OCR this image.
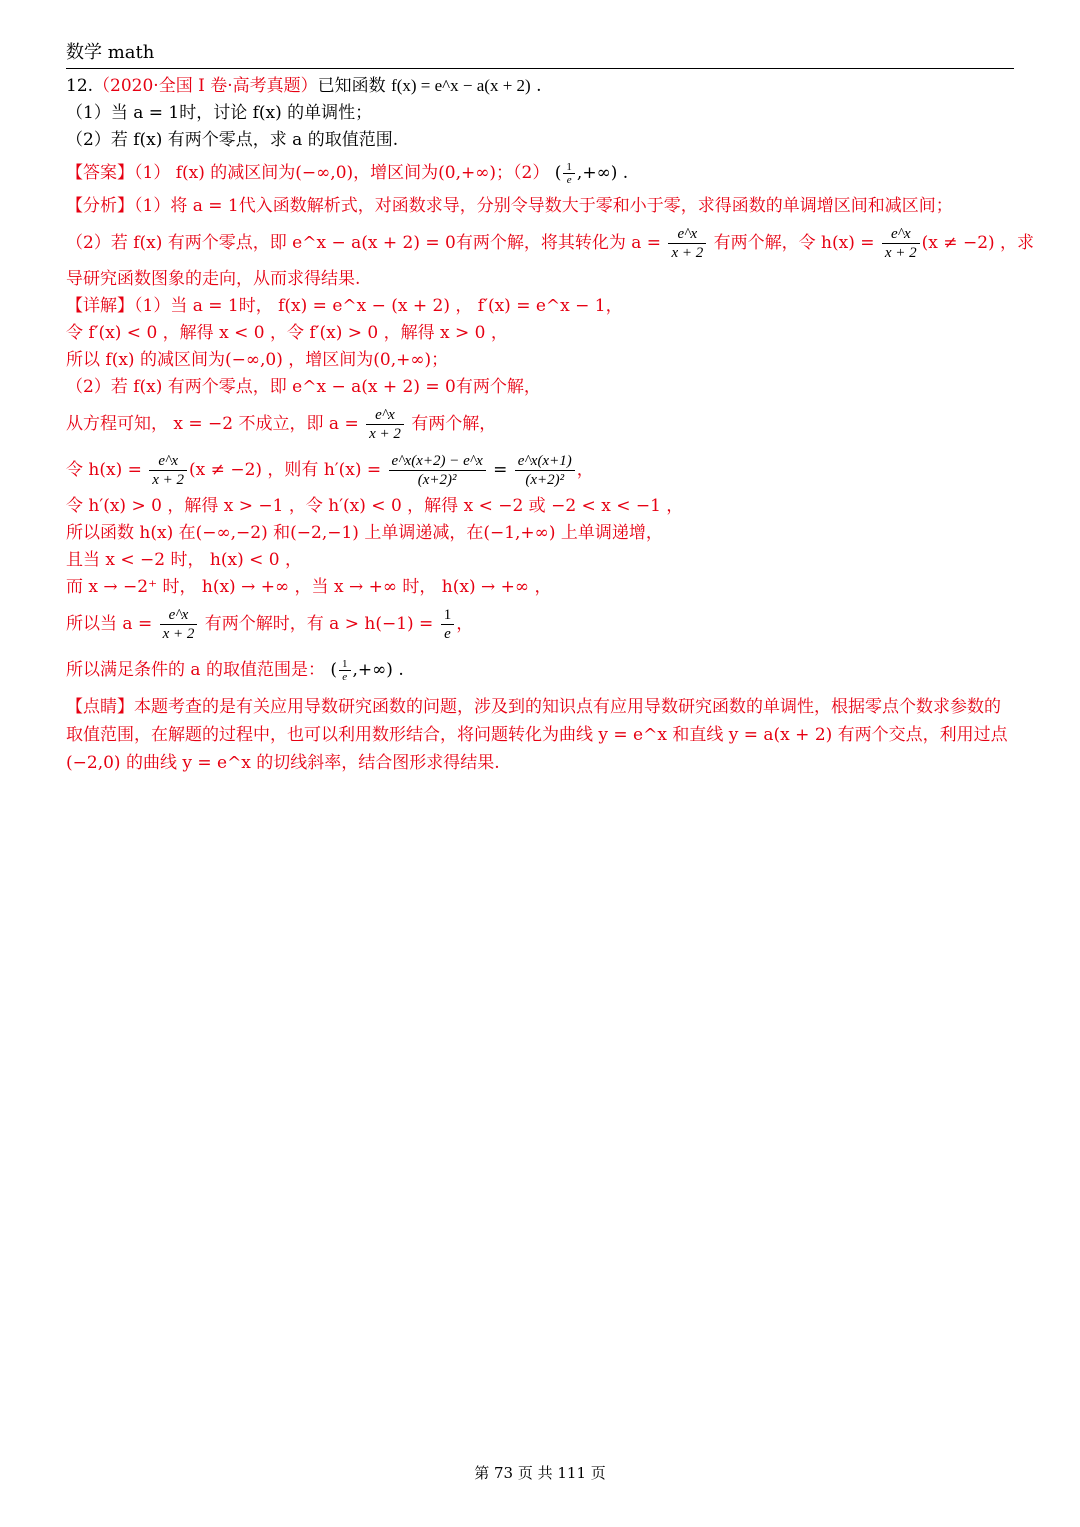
数学 math

12.（2020·全国 I 卷·高考真题）已知函数 f(x) = e^x − a(x + 2) .

（1）当 a = 1时，讨论 f(x) 的单调性；

（2）若 f(x) 有两个零点，求 a 的取值范围.

【答案】（1） f(x) 的减区间为(−∞,0)，增区间为(0,+∞)；（2） ( $\frac{1}{e}$ ,+∞) .

【分析】（1）将 a = 1代入函数解析式，对函数求导，分别令导数大于零和小于零，求得函数的单调增区间和减区间；

（2）若 f(x) 有两个零点，即 e^x − a(x + 2) = 0有两个解，将其转化为 $a = \frac{e\^{}x}{x + 2}$ 有两个解，令 $h(x) = \frac{e\^{}x}{x + 2} (x \ne -2)$ ，求

导研究函数图象的走向，从而求得结果.

【详解】（1）当 a = 1时， f(x) = e^x − (x + 2) ， f′(x) = e^x − 1，

令 f′(x) < 0 ，解得 x < 0 ，令 f′(x) > 0 ，解得 x > 0 ，

所以 f(x) 的减区间为(−∞,0) ，增区间为(0,+∞)；

（2）若 f(x) 有两个零点，即 e^x − a(x + 2) = 0有两个解，

从方程可知， x = −2 不成立，即 $a = \frac{e\^{}x}{x + 2}$ 有两个解，

令 $h(x) = \frac{e\^{}x}{x + 2} (x \ne -2)$ ，则有 $h'(x) = \frac{e\^{}x(x+2) - e\^{}x}{\text{(x+2)²}} = \frac{e\^{}x(x+1)}{\text{(x+2)²}}$ ，

令 h′(x) > 0 ，解得 x > −1 ，令 h′(x) < 0 ，解得 x < −2 或 −2 < x < −1 ，

所以函数 h(x) 在(−∞,−2) 和(−2,−1) 上单调递减，在(−1,+∞) 上单调递增，

且当 x < −2 时， h(x) < 0 ，

而 x → −2⁺ 时， h(x) → +∞ ，当 x → +∞ 时， h(x) → +∞ ，

所以当 $a = \frac{e\^{}x}{x + 2}$ 有两个解时，有 $a > h(-1) = \frac{1}{e}$ ，

所以满足条件的 a 的取值范围是： ( $\frac{1}{e}$ ,+∞) .

【点睛】本题考查的是有关应用导数研究函数的问题，涉及到的知识点有应用导数研究函数的单调性，根据零点个数求参数的取值范围，在解题的过程中，也可以利用数形结合，将问题转化为曲线 y = e^x 和直线 y = a(x + 2) 有两个交点，利用过点(−2,0) 的曲线 y = e^x 的切线斜率，结合图形求得结果.

第 73 页 共 111 页
